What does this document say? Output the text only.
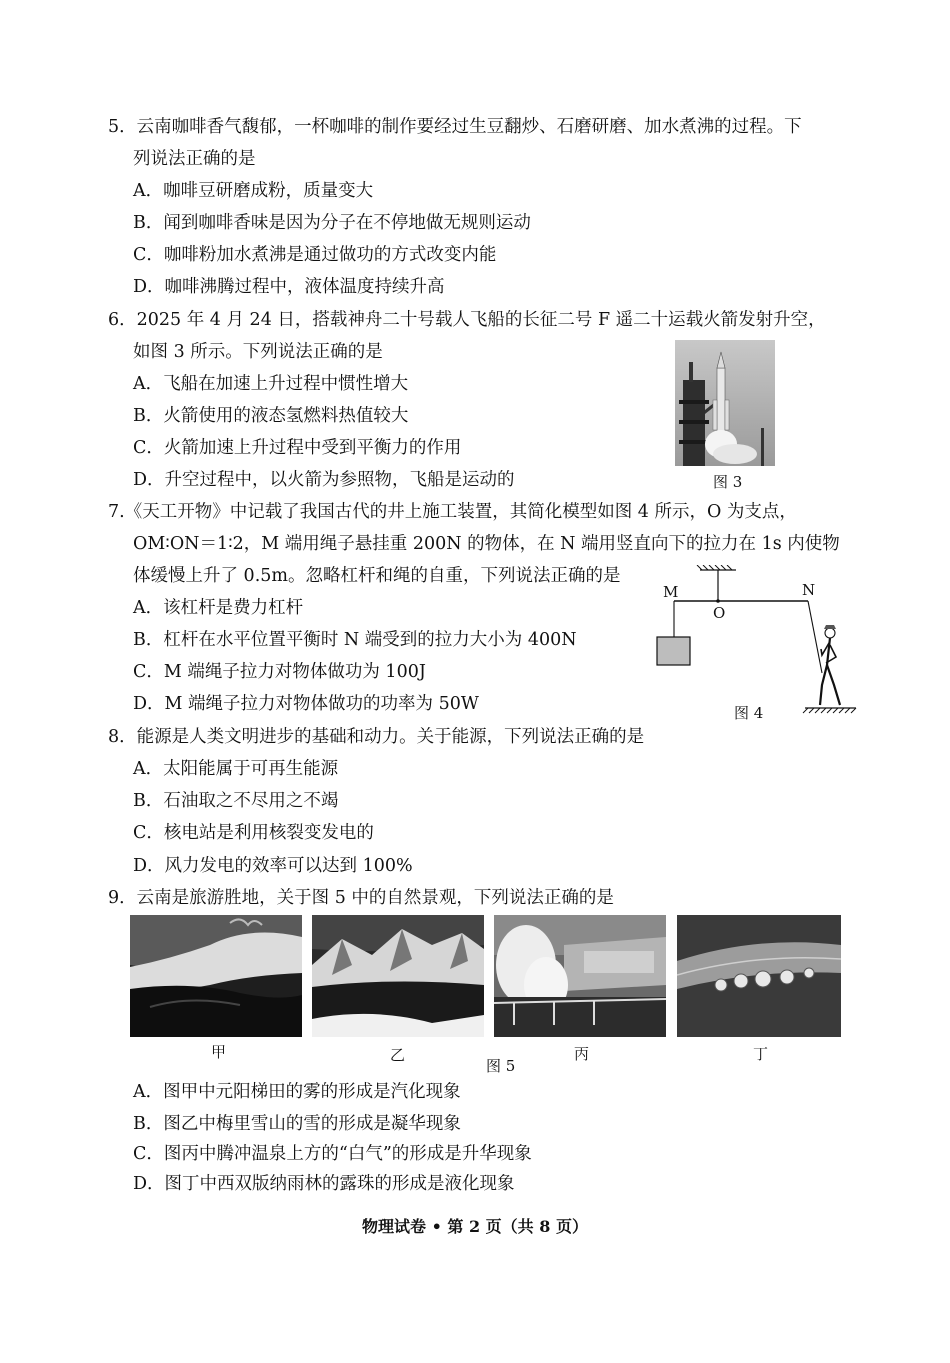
5．云南咖啡香气馥郁，一杯咖啡的制作要经过生豆翻炒、石磨研磨、加水煮沸的过程。下
列说法正确的是
A．咖啡豆研磨成粉，质量变大
B．闻到咖啡香味是因为分子在不停地做无规则运动
C．咖啡粉加水煮沸是通过做功的方式改变内能
D．咖啡沸腾过程中，液体温度持续升高
6．2025 年 4 月 24 日，搭载神舟二十号载人飞船的长征二号 F 遥二十运载火箭发射升空，
如图 3 所示。下列说法正确的是
A．飞船在加速上升过程中惯性增大
B．火箭使用的液态氢燃料热值较大
C．火箭加速上升过程中受到平衡力的作用
D．升空过程中，以火箭为参照物，飞船是运动的	图 3
7.《天工开物》中记载了我国古代的井上施工装置，其简化模型如图 4 所示，O 为支点，
OM∶ON＝1∶2，M 端用绳子悬挂重 200N 的物体，在 N 端用竖直向下的拉力在 1s 内使物
体缓慢上升了 0.5m。忽略杠杆和绳的自重，下列说法正确的是
A．该杠杆是费力杠杆
B．杠杆在水平位置平衡时 N 端受到的拉力大小为 400N
C．M 端绳子拉力对物体做功为 100J
D．M 端绳子拉力对物体做功的功率为 50W
M
O
N
图 4
8．能源是人类文明进步的基础和动力。关于能源，下列说法正确的是
A．太阳能属于可再生能源
B．石油取之不尽用之不竭
C．核电站是利用核裂变发电的
D．风力发电的效率可以达到 100%
9．云南是旅游胜地，关于图 5 中的自然景观，下列说法正确的是
甲	乙	丙	丁
图 5
A．图甲中元阳梯田的雾的形成是汽化现象
B．图乙中梅里雪山的雪的形成是凝华现象
C．图丙中腾冲温泉上方的“白气”的形成是升华现象
D．图丁中西双版纳雨林的露珠的形成是液化现象
物理试卷 • 第 2 页（共 8 页）
